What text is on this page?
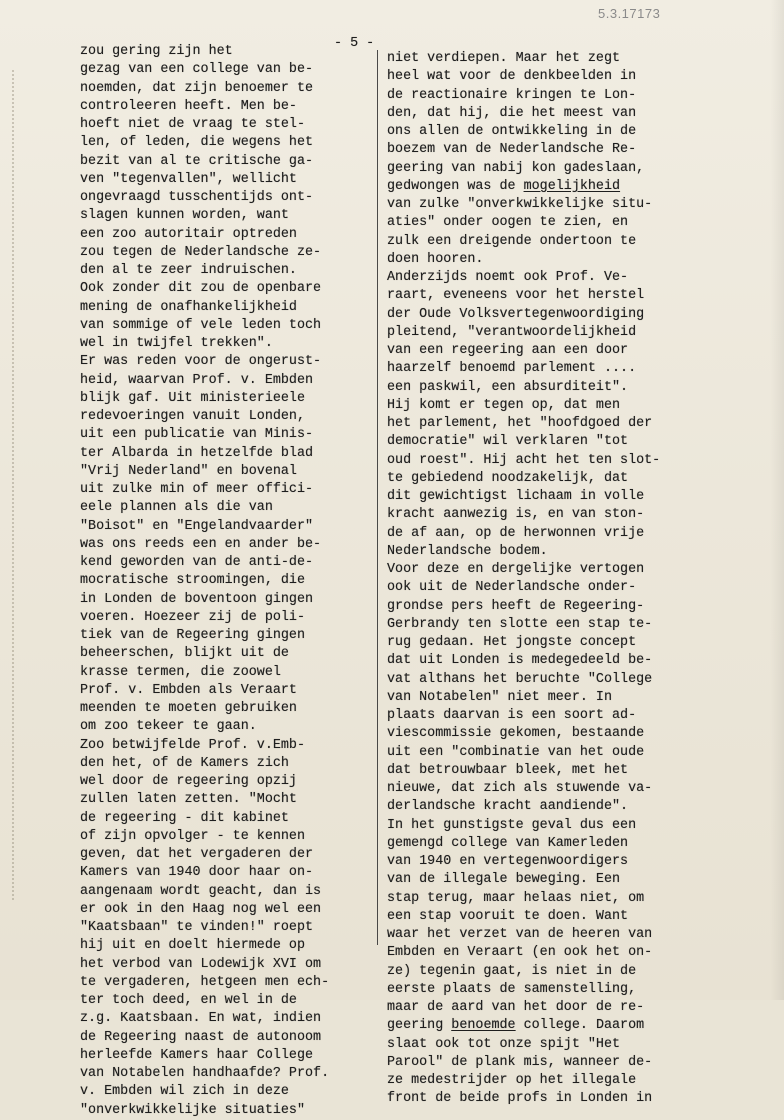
5.3.17173

- 5 -

zou gering zijn het
gezag van een college van be-
noemden, dat zijn benoemer te
controleeren heeft. Men be-
hoeft niet de vraag te stel-
len, of leden, die wegens het
bezit van al te critische ga-
ven "tegenvallen", wellicht
ongevraagd tusschentijds ont-
slagen kunnen worden, want
een zoo autoritair optreden
zou tegen de Nederlandsche ze-
den al te zeer indruischen.
Ook zonder dit zou de openbare
mening de onafhankelijkheid
van sommige of vele leden toch
wel in twijfel trekken".
Er was reden voor de ongerust-
heid, waarvan Prof. v. Embden
blijk gaf. Uit ministerieele
redevoeringen vanuit Londen,
uit een publicatie van Minis-
ter Albarda in hetzelfde blad
"Vrij Nederland" en bovenal
uit zulke min of meer offici-
eele plannen als die van
"Boisot" en "Engelandvaarder"
was ons reeds een en ander be-
kend geworden van de anti-de-
mocratische stroomingen, die
in Londen de boventoon gingen
voeren. Hoezeer zij de poli-
tiek van de Regeering gingen
beheerschen, blijkt uit de
krasse termen, die zoowel
Prof. v. Embden als Veraart
meenden te moeten gebruiken
om zoo tekeer te gaan.
Zoo betwijfelde Prof. v.Emb-
den het, of de Kamers zich
wel door de regeering opzij
zullen laten zetten. "Mocht
de regeering - dit kabinet
of zijn opvolger - te kennen
geven, dat het vergaderen der
Kamers van 1940 door haar on-
aangenaam wordt geacht, dan is
er ook in den Haag nog wel een
"Kaatsbaan" te vinden!" roept
hij uit en doelt hiermede op
het verbod van Lodewijk XVI om
te vergaderen, hetgeen men ech-
ter toch deed, en wel in de
z.g. Kaatsbaan. En wat, indien
de Regeering naast de autonoom
herleefde Kamers haar College
van Notabelen handhaafde? Prof.
v. Embden wil zich in deze
"onverkwikkelijke situaties"

niet verdiepen. Maar het zegt
heel wat voor de denkbeelden in
de reactionaire kringen te Lon-
den, dat hij, die het meest van
ons allen de ontwikkeling in de
boezem van de Nederlandsche Re-
geering van nabij kon gadeslaan,
gedwongen was de mogelijkheid
van zulke "onverkwikkelijke situ-
aties" onder oogen te zien, en
zulk een dreigende ondertoon te
doen hooren.
Anderzijds noemt ook Prof. Ve-
raart, eveneens voor het herstel
der Oude Volksvertegenwoordiging
pleitend, "verantwoordelijkheid
van een regeering aan een door
haarzelf benoemd parlement ....
een paskwil, een absurditeit".
Hij komt er tegen op, dat men
het parlement, het "hoofdgoed der
democratie" wil verklaren "tot
oud roest". Hij acht het ten slot-
te gebiedend noodzakelijk, dat
dit gewichtigst lichaam in volle
kracht aanwezig is, en van ston-
de af aan, op de herwonnen vrije
Nederlandsche bodem.
Voor deze en dergelijke vertogen
ook uit de Nederlandsche onder-
grondse pers heeft de Regeering-
Gerbrandy ten slotte een stap te-
rug gedaan. Het jongste concept
dat uit Londen is medegedeeld be-
vat althans het beruchte "College
van Notabelen" niet meer. In
plaats daarvan is een soort ad-
viescommissie gekomen, bestaande
uit een "combinatie van het oude
dat betrouwbaar bleek, met het
nieuwe, dat zich als stuwende va-
derlandsche kracht aandiende".
In het gunstigste geval dus een
gemengd college van Kamerleden
van 1940 en vertegenwoordigers
van de illegale beweging. Een
stap terug, maar helaas niet, om
een stap vooruit te doen. Want
waar het verzet van de heeren van
Embden en Veraart (en ook het on-
ze) tegenin gaat, is niet in de
eerste plaats de samenstelling,
maar de aard van het door de re-
geering benoemde college. Daarom
slaat ook tot onze spijt "Het
Parool" de plank mis, wanneer de-
ze medestrijder op het illegale
front de beide profs in Londen in
